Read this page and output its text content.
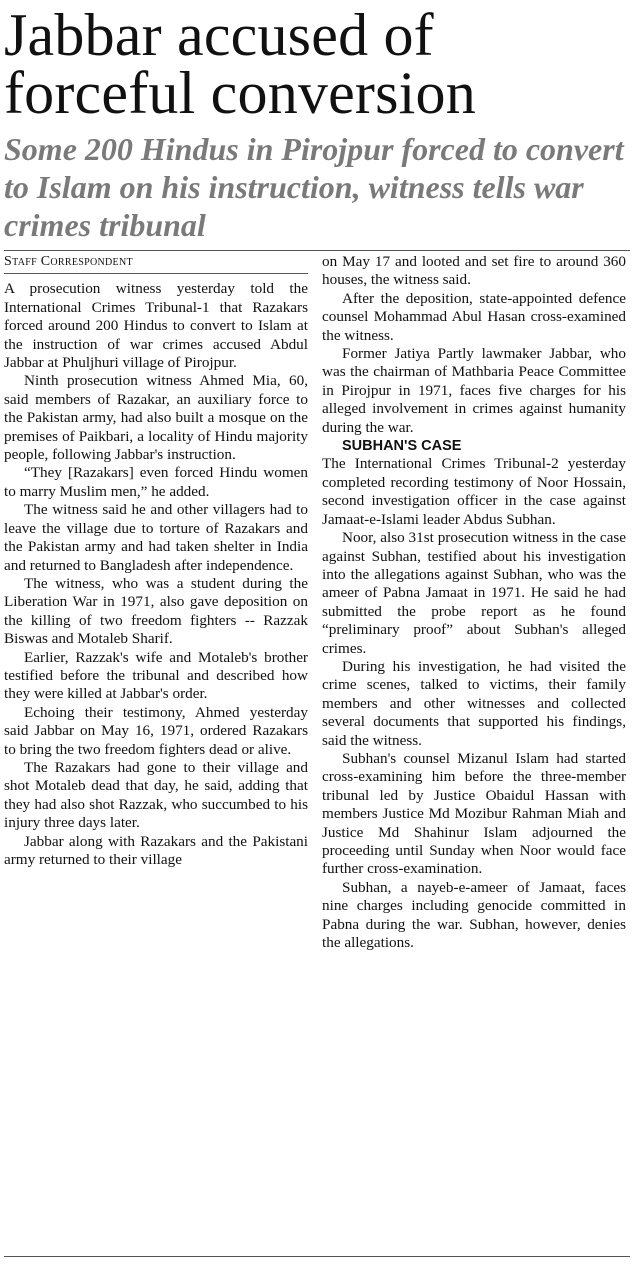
Jabbar accused of forceful conversion
Some 200 Hindus in Pirojpur forced to convert to Islam on his instruction, witness tells war crimes tribunal
Staff Correspondent

A prosecution witness yesterday told the International Crimes Tribunal-1 that Razakars forced around 200 Hindus to convert to Islam at the instruction of war crimes accused Abdul Jabbar at Phuljhuri village of Pirojpur.

Ninth prosecution witness Ahmed Mia, 60, said members of Razakar, an auxiliary force to the Pakistan army, had also built a mosque on the premises of Paikbari, a locality of Hindu majority people, following Jabbar's instruction.

“They [Razakars] even forced Hindu women to marry Muslim men,” he added.

The witness said he and other villagers had to leave the village due to torture of Razakars and the Pakistan army and had taken shelter in India and returned to Bangladesh after independence.

The witness, who was a student during the Liberation War in 1971, also gave deposition on the killing of two freedom fighters -- Razzak Biswas and Motaleb Sharif.

Earlier, Razzak's wife and Motaleb's brother testified before the tribunal and described how they were killed at Jabbar's order.

Echoing their testimony, Ahmed yesterday said Jabbar on May 16, 1971, ordered Razakars to bring the two freedom fighters dead or alive.

The Razakars had gone to their village and shot Motaleb dead that day, he said, adding that they had also shot Razzak, who succumbed to his injury three days later.

Jabbar along with Razakars and the Pakistani army returned to their village

on May 17 and looted and set fire to around 360 houses, the witness said.

After the deposition, state-appointed defence counsel Mohammad Abul Hasan cross-examined the witness.

Former Jatiya Partly lawmaker Jabbar, who was the chairman of Mathbaria Peace Committee in Pirojpur in 1971, faces five charges for his alleged involvement in crimes against humanity during the war.

SUBHAN'S CASE

The International Crimes Tribunal-2 yesterday completed recording testimony of Noor Hossain, second investigation officer in the case against Jamaat-e-Islami leader Abdus Subhan.

Noor, also 31st prosecution witness in the case against Subhan, testified about his investigation into the allegations against Subhan, who was the ameer of Pabna Jamaat in 1971. He said he had submitted the probe report as he found “preliminary proof” about Subhan's alleged crimes.

During his investigation, he had visited the crime scenes, talked to victims, their family members and other witnesses and collected several documents that supported his findings, said the witness.

Subhan's counsel Mizanul Islam had started cross-examining him before the three-member tribunal led by Justice Obaidul Hassan with members Justice Md Mozibur Rahman Miah and Justice Md Shahinur Islam adjourned the proceeding until Sunday when Noor would face further cross-examination.

Subhan, a nayeb-e-ameer of Jamaat, faces nine charges including genocide committed in Pabna during the war. Subhan, however, denies the allegations.
